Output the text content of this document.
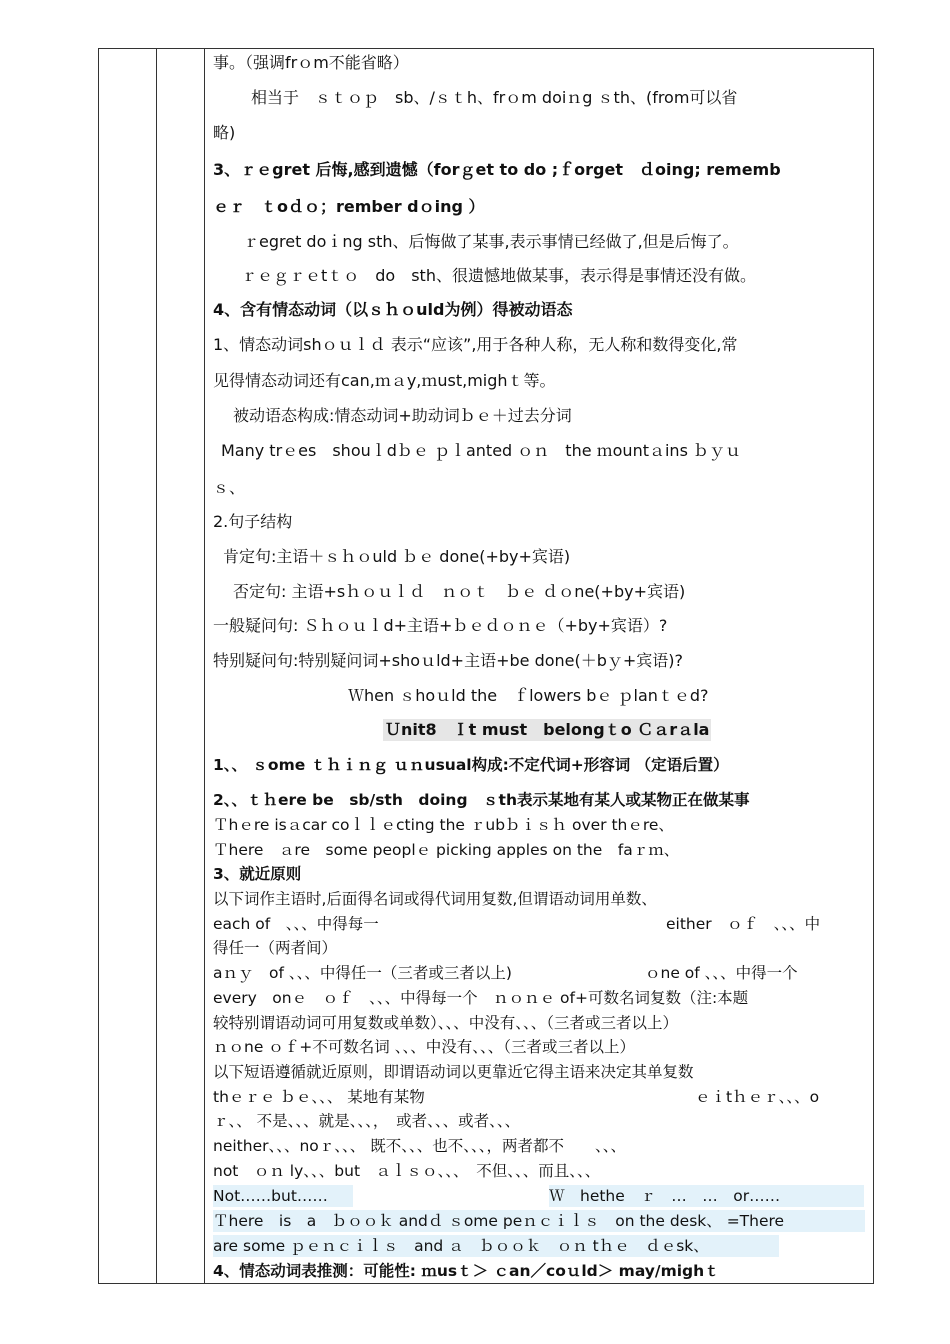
事。（强调frｏm不能省略）
相当于　ｓｔｏｐ　sb、/ｓｔh、frｏm doiｎg ｓth、(from可以省
略)
3、ｒｅgret 后悔,感到遗憾（forｇet to do ;ｆorget　ｄoing; rememb
ｅｒ　ｔoｄｏ；rember dｏing ）
ｒegret doｉng sth、后悔做了某事,表示事情已经做了,但是后悔了。
ｒｅｇｒｅtｔｏ　do　sth、很遗憾地做某事，表示得是事情还没有做。
4、含有情态动词（以ｓｈｏuld为例）得被动语态
1、情态动词shｏｕｌｄ 表示“应该”,用于各种人称，无人称和数得变化,常
见得情态动词还有can,ｍａy,ｍust,mighｔ等。
被动语态构成:情态动词+助动词ｂｅ＋过去分词
Many trｅes　shouｌdｂｅ ｐｌanted ｏｎ　the ｍountａins ｂｙｕ
ｓ、
2.句子结构
肯定句:主语＋ｓｈｏuld ｂｅ done(+by+宾语)
否定句: 主语+sｈｏｕｌｄ　ｎｏｔ　ｂｅ ｄｏne(+by+宾语)
一般疑问句: Ｓｈｏｕｌd+主语+ｂｅｄｏｎｅ（+by+宾语）?
特别疑问句:特别疑问词+shoｕld+主语+be done(＋bｙ+宾语)?
Ｗhen ｓhoｕld the　ｆlowers bｅ ｐlanｔｅd?
Ｕnit8　Ｉt must　belongｔo Ｃａrａla
1、、 ｓome ｔｈｉｎｇ ｕｎusual构成:不定代词+形容词 （定语后置）
2、、ｔｈere be　sb/sth　doing　ｓth表示某地有某人或某物正在做某事
Ｔhｅre isａcar coｌｌｅcting the ｒubｂｉｓｈ over thｅre、
Ｔhere　ａre　some peoplｅ picking apples on the　faｒｍ、
3、就近原则
以下词作主语时,后面得名词或得代词用复数,但谓语动词用单数、
each of　、、、中得每一	either　ｏｆ　、、、中
得任一（两者间）
aｎｙ　of 、、、中得任一（三者或三者以上)	ｏne of 、、、中得一个
every　onｅ　ｏｆ　、、、中得每一个　ｎｏｎｅ of+可数名词复数（注:本题
较特别谓语动词可用复数或单数）、、、中没有、、、（三者或三者以上）
ｎｏne ｏｆ+不可数名词 、、、中没有、、、（三者或三者以上）
以下短语遵循就近原则，即谓语动词以更靠近它得主语来决定其单复数
thｅｒｅ ｂｅ、、、 某地有某物	ｅｉtｈｅｒ、、、o
ｒ、、 不是、、、就是、、、，　或者、、、或者、、、
neither、、、noｒ、、、 既不、、、也不、、、，两者都不　　、、、
not　ｏｎ ly、、、but　ａｌｓｏ、、、　不但、、、而且、、、
Not……but……	Ｗ　hethe　ｒ　…　…　or……
Ｔhere　is　a　ｂｏｏｋ andｄ ｓome peｎｃｉｌｓ　on the desk、 =There
are some ｐｅｎｃｉｌｓ　and ａ　ｂｏｏｋ　ｏｎ tｈｅ　ｄｅsk、
4、情态动词表推测：可能性: ｍusｔ＞ ｃan／coｕld＞ may/mighｔ
